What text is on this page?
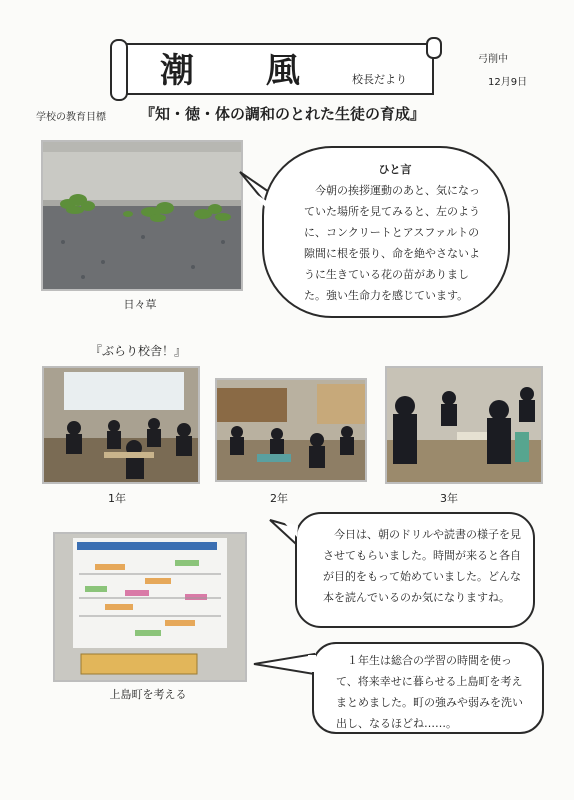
潮 風 校長だより
弓削中
12月9日
学校の教育目標 『知・徳・体の調和のとれた生徒の育成』
日々草
ひと言
今朝の挨拶運動のあと、気になっていた場所を見てみると、左のように、コンクリートとアスファルトの隙間に根を張り、命を絶やさないように生きている花の苗がありました。強い生命力を感じています。
『ぶらり校舎！』
1年	2年	3年
今日は、朝のドリルや読書の様子を見させてもらいました。時間が来ると各自が目的をもって始めていました。どんな本を読んでいるのか気になりますね。
上島町を考える
１年生は総合の学習の時間を使って、将来幸せに暮らせる上島町を考えまとめました。町の強みや弱みを洗い出し、なるほどね……。
